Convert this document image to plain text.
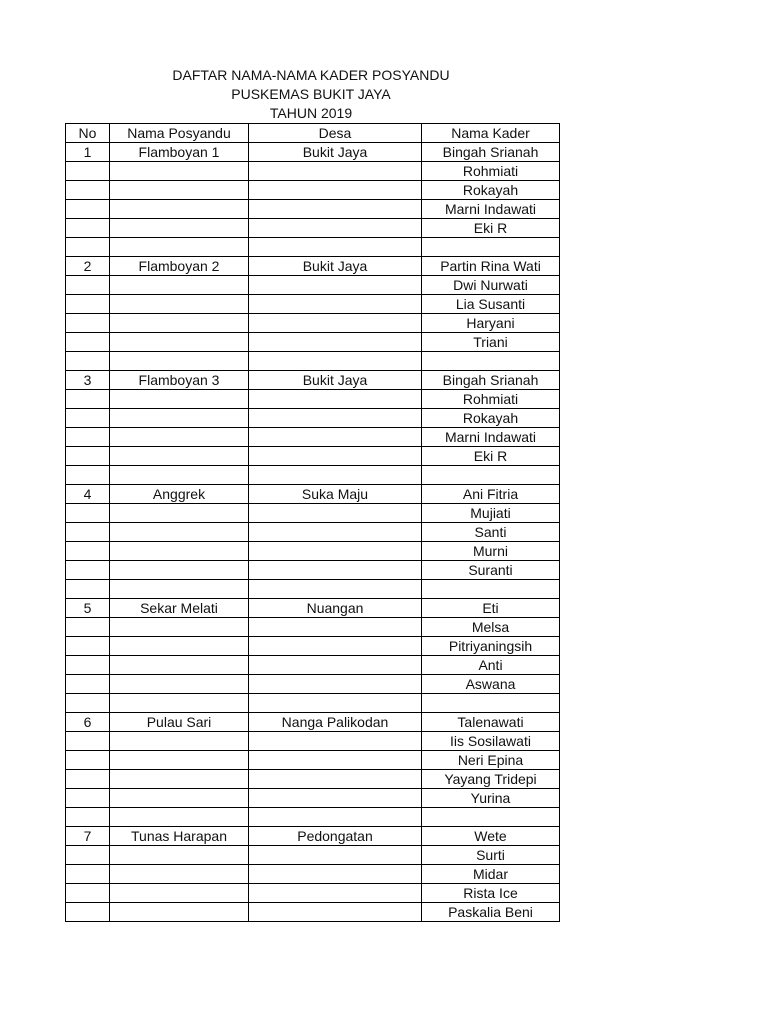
DAFTAR NAMA-NAMA KADER POSYANDU
PUSKEMAS BUKIT JAYA
TAHUN 2019
No	Nama Posyandu	Desa	Nama Kader
1	Flamboyan 1	Bukit Jaya	Bingah Srianah
			Rohmiati
			Rokayah
			Marni Indawati
			Eki R

2	Flamboyan 2	Bukit Jaya	Partin Rina Wati
			Dwi Nurwati
			Lia Susanti
			Haryani
			Triani

3	Flamboyan 3	Bukit Jaya	Bingah Srianah
			Rohmiati
			Rokayah
			Marni Indawati
			Eki R

4	Anggrek	Suka Maju	Ani Fitria
			Mujiati
			Santi
			Murni
			Suranti

5	Sekar Melati	Nuangan	Eti
			Melsa
			Pitriyaningsih
			Anti
			Aswana

6	Pulau Sari	Nanga Palikodan	Talenawati
			Iis Sosilawati
			Neri Epina
			Yayang Tridepi
			Yurina

7	Tunas Harapan	Pedongatan	Wete
			Surti
			Midar
			Rista Ice
			Paskalia Beni
